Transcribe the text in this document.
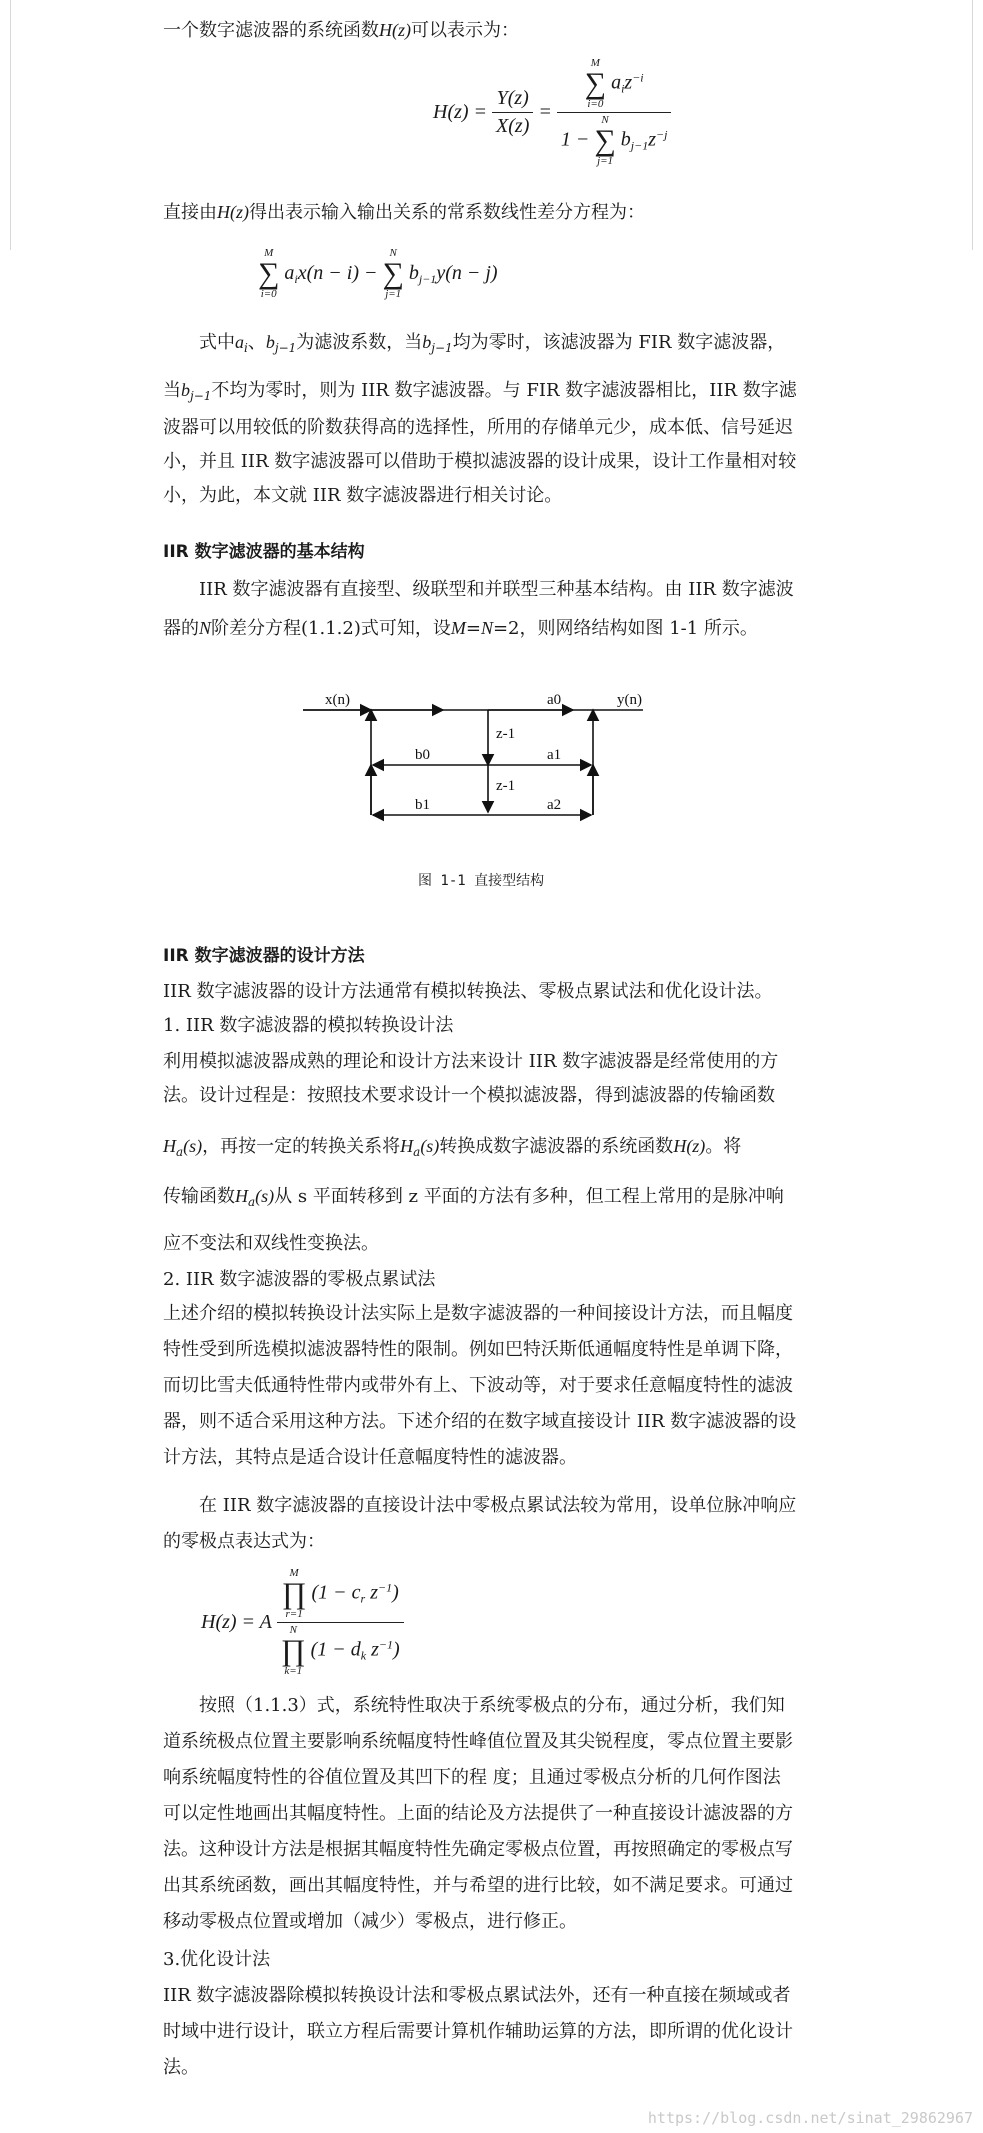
一个数字滤波器的系统函数H(z)可以表示为：

$H(z) = \frac{Y(z)}{X(z)} = M$
∑
i=0
$a_iz^{-i}$
1 −
N
∑
j=1
$b_{j-1}z^{-j}$

直接由H(z)得出表示输入输出关系的常系数线性差分方程为：

M
∑
i=0
$a_ix(n - i)$ −
N
∑
j=1
$b_{j-1}y(n - j)$

式中$a_i$、$b_{j-1}$为滤波系数，当$b_{j-1}$均为零时，该滤波器为 FIR 数字滤波器，

当$b_{j-1}$不均为零时，则为 IIR 数字滤波器。与 FIR 数字滤波器相比，IIR 数字滤

波器可以用较低的阶数获得高的选择性，所用的存储单元少，成本低、信号延迟

小，并且 IIR 数字滤波器可以借助于模拟滤波器的设计成果，设计工作量相对较

小，为此，本文就 IIR 数字滤波器进行相关讨论。

IIR 数字滤波器的基本结构

IIR 数字滤波器有直接型、级联型和并联型三种基本结构。由 IIR 数字滤波

器的N阶差分方程(1.1.2)式可知，设M=N=2，则网络结构如图 1-1 所示。

x(n)	y(n)
a0
a1
a2
b0
b1
z-1
z-1
图 1-1 直接型结构

IIR 数字滤波器的设计方法

IIR 数字滤波器的设计方法通常有模拟转换法、零极点累试法和优化设计法。

1. IIR 数字滤波器的模拟转换设计法

利用模拟滤波器成熟的理论和设计方法来设计 IIR 数字滤波器是经常使用的方

法。设计过程是：按照技术要求设计一个模拟滤波器，得到滤波器的传输函数

$H_a(s)$，再按一定的转换关系将$H_a(s)$转换成数字滤波器的系统函数H(z)。将

传输函数$H_a(s)$从 s 平面转移到 z 平面的方法有多种，但工程上常用的是脉冲响

应不变法和双线性变换法。

2. IIR 数字滤波器的零极点累试法

上述介绍的模拟转换设计法实际上是数字滤波器的一种间接设计方法，而且幅度

特性受到所选模拟滤波器特性的限制。例如巴特沃斯低通幅度特性是单调下降，

而切比雪夫低通特性带内或带外有上、下波动等，对于要求任意幅度特性的滤波

器，则不适合采用这种方法。下述介绍的在数字域直接设计 IIR 数字滤波器的设

计方法，其特点是适合设计任意幅度特性的滤波器。

在 IIR 数字滤波器的直接设计法中零极点累试法较为常用，设单位脉冲响应

的零极点表达式为：

H(z) = A M
∏
r=1
($1 - c_r$ $z^{-1}$)
N
∏
k=1
($1 - d_k$ $z^{-1}$)

按照（1.1.3）式，系统特性取决于系统零极点的分布，通过分析，我们知

道系统极点位置主要影响系统幅度特性峰值位置及其尖锐程度，零点位置主要影

响系统幅度特性的谷值位置及其凹下的程 度；且通过零极点分析的几何作图法

可以定性地画出其幅度特性。上面的结论及方法提供了一种直接设计滤波器的方

法。这种设计方法是根据其幅度特性先确定零极点位置，再按照确定的零极点写

出其系统函数，画出其幅度特性，并与希望的进行比较，如不满足要求。可通过

移动零极点位置或增加（减少）零极点，进行修正。

3.优化设计法

IIR 数字滤波器除模拟转换设计法和零极点累试法外，还有一种直接在频域或者

时域中进行设计，联立方程后需要计算机作辅助运算的方法，即所谓的优化设计

法。

https://blog.csdn.net/sinat_29862967
